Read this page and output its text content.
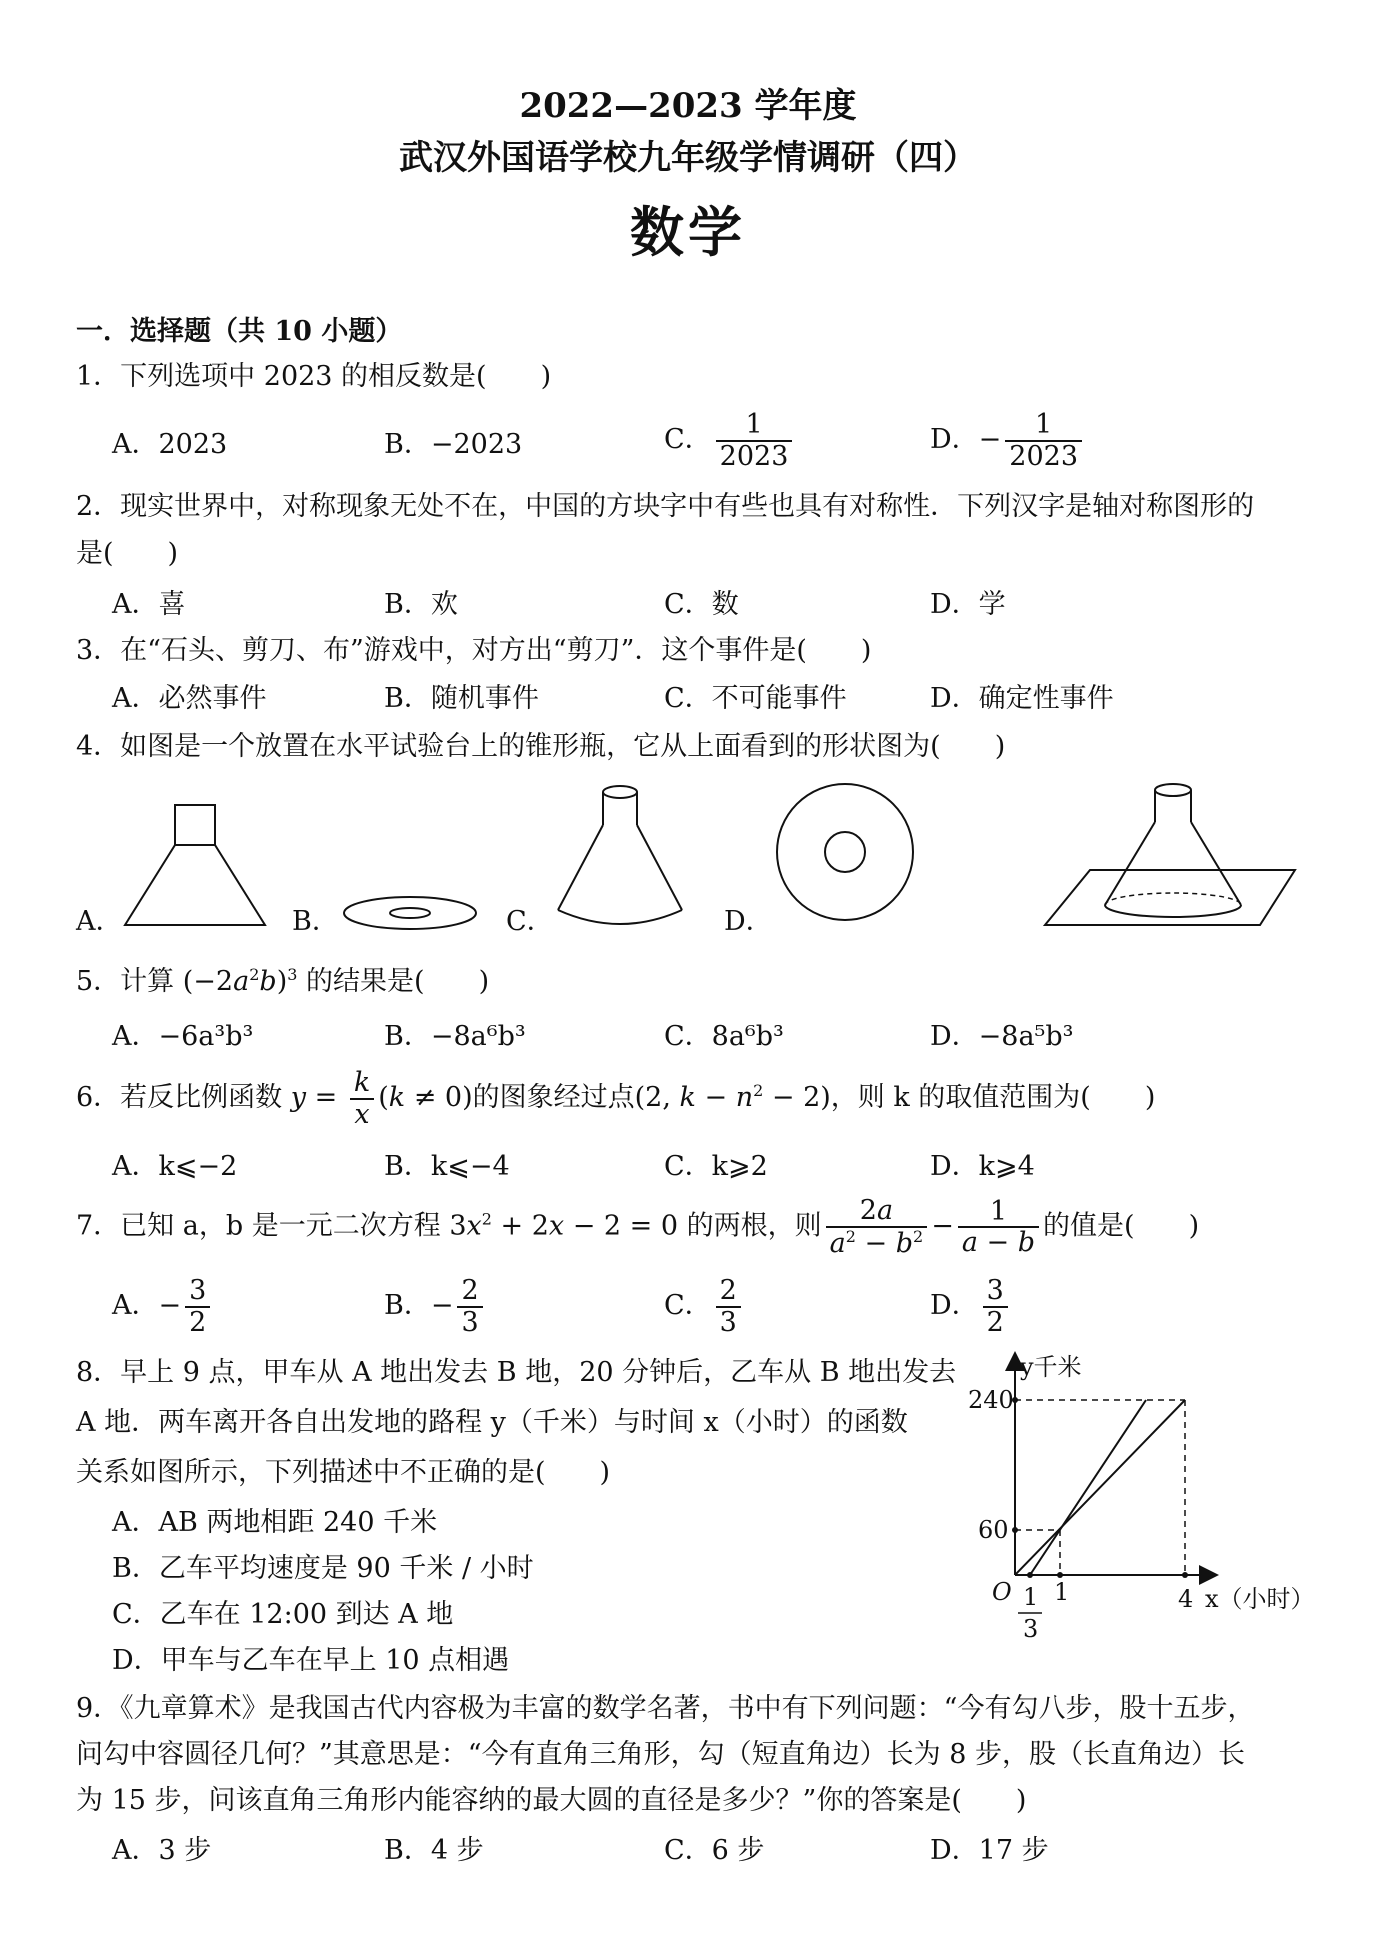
2022—2023 学年度
武汉外国语学校九年级学情调研（四）
数学
一．选择题（共 10 小题）
1．下列选项中 2023 的相反数是(　　)
A．2023	B．−2023	C． $\frac{1}{2023}$	D．− $\frac{1}{2023}$
2．现实世界中，对称现象无处不在，中国的方块字中有些也具有对称性．下列汉字是轴对称图形的
是(　　)
A．喜	B．欢	C．数	D．学
3．在“石头、剪刀、布”游戏中，对方出“剪刀”．这个事件是(　　)
A．必然事件	B．随机事件	C．不可能事件	D．确定性事件
4．如图是一个放置在水平试验台上的锥形瓶，它从上面看到的形状图为(　　)
A．	B．	C．	D．
5．计算 $(-2a^2b)^3$ 的结果是(　　)
A．−6a³b³	B．−8a⁶b³	C．8a⁶b³	D．−8a⁵b³
6．若反比例函数 $y = \frac{k}{x} (k \ne 0)$的图象经过点(2, $k - n^2 - 2$)，则 k 的取值范围为(　　)
A．k⩽−2	B．k⩽−4	C．k⩾2	D．k⩾4
7．已知 a，b 是一元二次方程 $3x^2 + 2x - 2 = 0$ 的两根，则 $\frac{2a}{a^2 - b^2} - \frac{1}{a - b}$ 的值是(　　)
A．− $\frac{3}{2}$	B．− $\frac{2}{3}$	C． $\frac{2}{3}$	D． $\frac{3}{2}$
8．早上 9 点，甲车从 A 地出发去 B 地，20 分钟后，乙车从 B 地出发去
A 地．两车离开各自出发地的路程 y（千米）与时间 x（小时）的函数
关系如图所示，下列描述中不正确的是(　　)
A．AB 两地相距 240 千米
B．乙车平均速度是 90 千米 / 小时
C．乙车在 12:00 到达 A 地
D．甲车与乙车在早上 10 点相遇
y千米
240
60
O 1	4 x（小时）
1
3
9．《九章算术》是我国古代内容极为丰富的数学名著，书中有下列问题：“今有勾八步，股十五步，
问勾中容圆径几何？”其意思是：“今有直角三角形，勾（短直角边）长为 8 步，股（长直角边）长
为 15 步，问该直角三角形内能容纳的最大圆的直径是多少？”你的答案是(　　)
A．3 步	B．4 步	C．6 步	D．17 步
